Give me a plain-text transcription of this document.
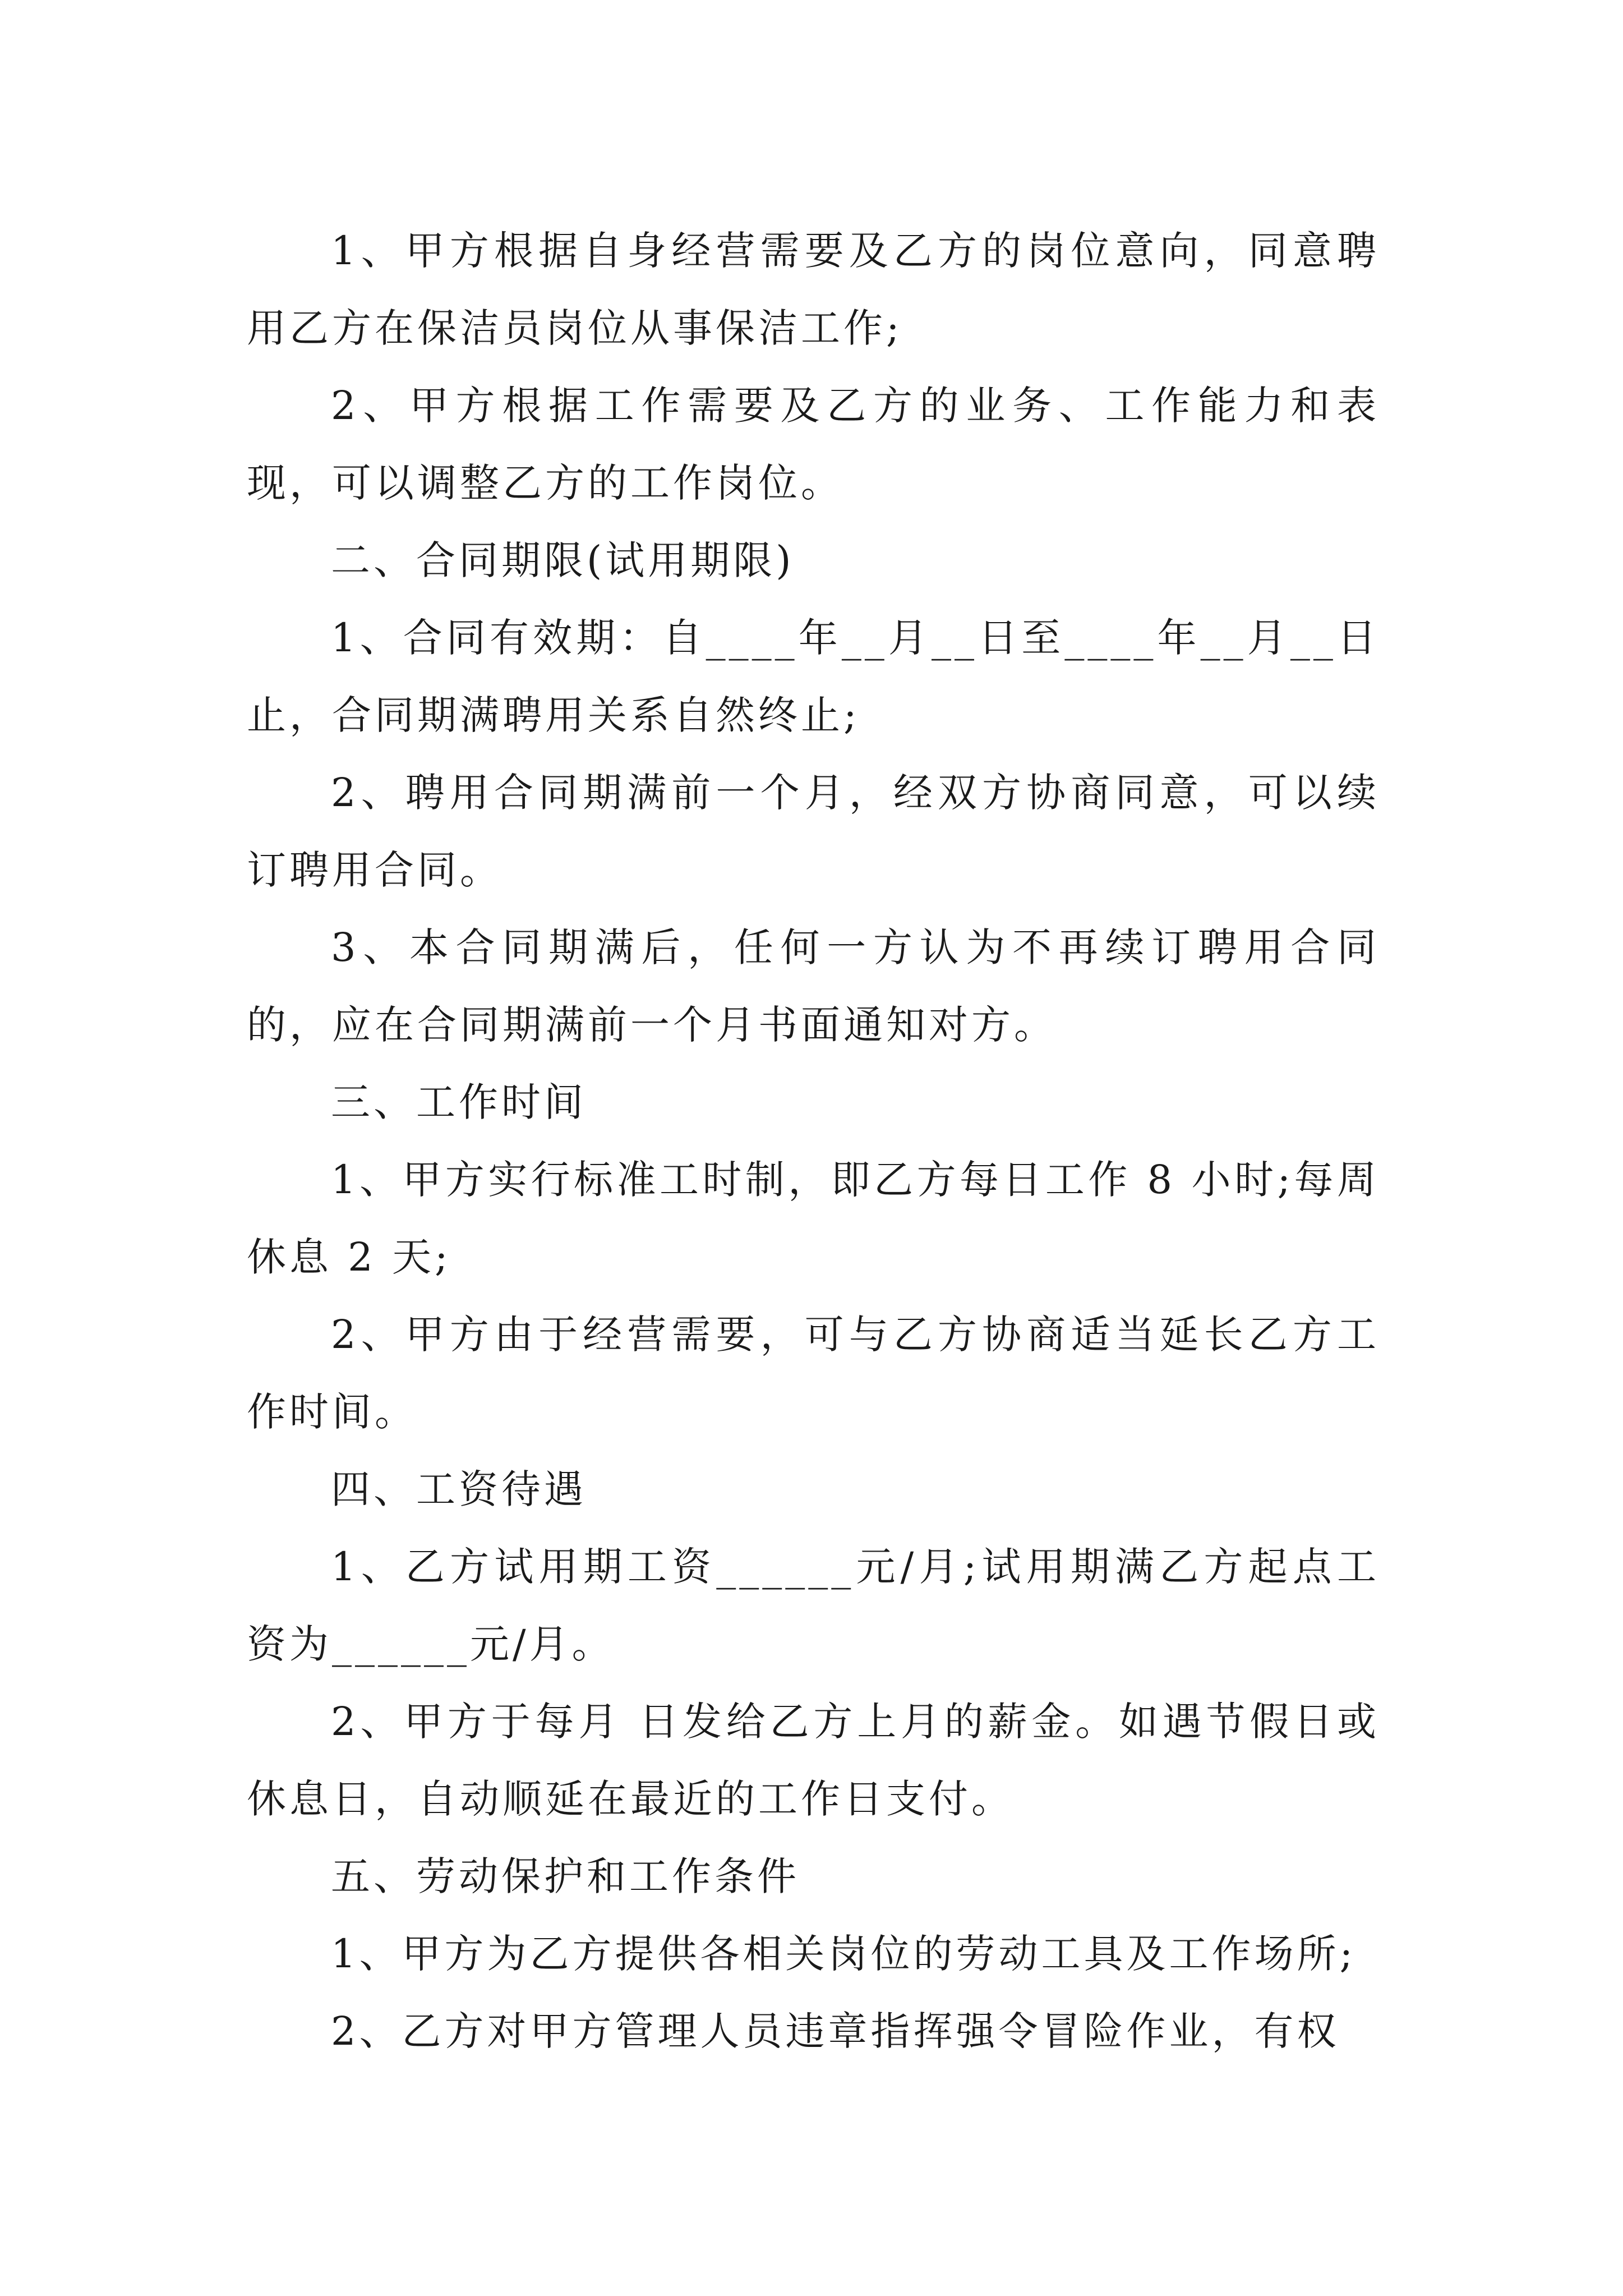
1、甲方根据自身经营需要及乙方的岗位意向，同意聘用乙方在保洁员岗位从事保洁工作;

2、甲方根据工作需要及乙方的业务、工作能力和表现，可以调整乙方的工作岗位。

二、合同期限(试用期限)

1、合同有效期：自____年__月__日至____年__月__日止，合同期满聘用关系自然终止;

2、聘用合同期满前一个月，经双方协商同意，可以续订聘用合同。

3、本合同期满后，任何一方认为不再续订聘用合同的，应在合同期满前一个月书面通知对方。

三、工作时间

1、甲方实行标准工时制，即乙方每日工作 8 小时;每周休息 2 天;

2、甲方由于经营需要，可与乙方协商适当延长乙方工作时间。

四、工资待遇

1、乙方试用期工资______元/月;试用期满乙方起点工资为______元/月。

2、甲方于每月 日发给乙方上月的薪金。如遇节假日或休息日，自动顺延在最近的工作日支付。

五、劳动保护和工作条件

1、甲方为乙方提供各相关岗位的劳动工具及工作场所;

2、乙方对甲方管理人员违章指挥强令冒险作业，有权
